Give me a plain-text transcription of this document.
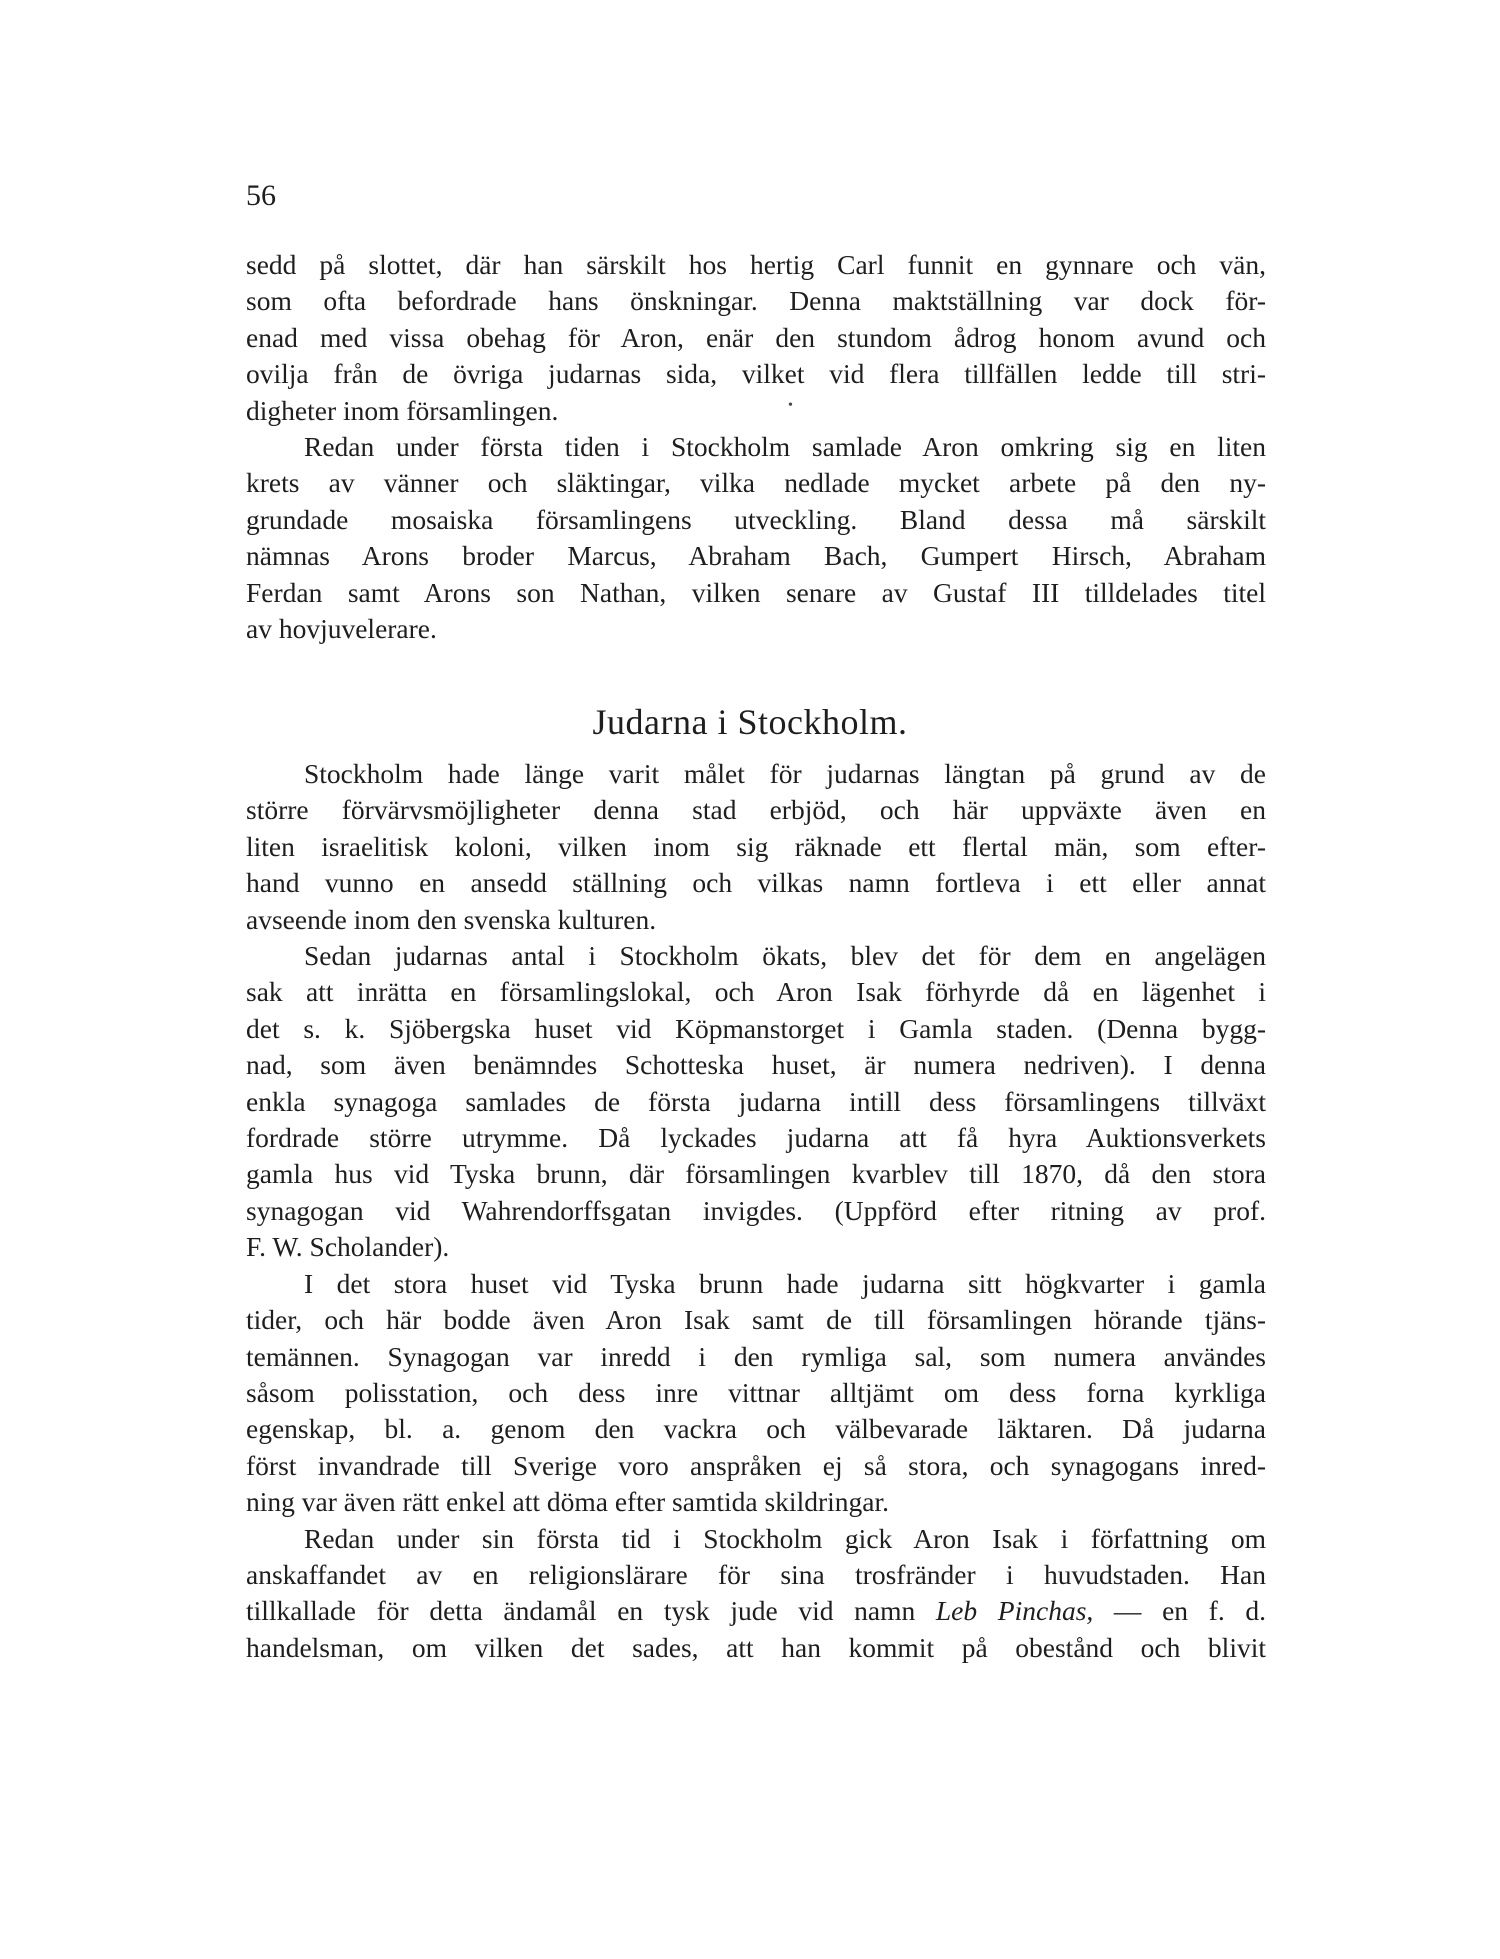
56
sedd på slottet, där han särskilt hos hertig Carl funnit en gynnare och vän,
som ofta befordrade hans önskningar. Denna maktställning var dock för-
enad med vissa obehag för Aron, enär den stundom ådrog honom avund och
ovilja från de övriga judarnas sida, vilket vid flera tillfällen ledde till stri-
digheter inom församlingen.
Redan under första tiden i Stockholm samlade Aron omkring sig en liten
krets av vänner och släktingar, vilka nedlade mycket arbete på den ny-
grundade mosaiska församlingens utveckling. Bland dessa må särskilt
nämnas Arons broder Marcus, Abraham Bach, Gumpert Hirsch, Abraham
Ferdan samt Arons son Nathan, vilken senare av Gustaf III tilldelades titel
av hovjuvelerare.
Judarna i Stockholm.
Stockholm hade länge varit målet för judarnas längtan på grund av de
större förvärvsmöjligheter denna stad erbjöd, och här uppväxte även en
liten israelitisk koloni, vilken inom sig räknade ett flertal män, som efter-
hand vunno en ansedd ställning och vilkas namn fortleva i ett eller annat
avseende inom den svenska kulturen.
Sedan judarnas antal i Stockholm ökats, blev det för dem en angelägen
sak att inrätta en församlingslokal, och Aron Isak förhyrde då en lägenhet i
det s. k. Sjöbergska huset vid Köpmanstorget i Gamla staden. (Denna bygg-
nad, som även benämndes Schotteska huset, är numera nedriven). I denna
enkla synagoga samlades de första judarna intill dess församlingens tillväxt
fordrade större utrymme. Då lyckades judarna att få hyra Auktionsverkets
gamla hus vid Tyska brunn, där församlingen kvarblev till 1870, då den stora
synagogan vid Wahrendorffsgatan invigdes. (Uppförd efter ritning av prof.
F. W. Scholander).
I det stora huset vid Tyska brunn hade judarna sitt högkvarter i gamla
tider, och här bodde även Aron Isak samt de till församlingen hörande tjäns-
temännen. Synagogan var inredd i den rymliga sal, som numera användes
såsom polisstation, och dess inre vittnar alltjämt om dess forna kyrkliga
egenskap, bl. a. genom den vackra och välbevarade läktaren. Då judarna
först invandrade till Sverige voro anspråken ej så stora, och synagogans inred-
ning var även rätt enkel att döma efter samtida skildringar.
Redan under sin första tid i Stockholm gick Aron Isak i författning om
anskaffandet av en religionslärare för sina trosfränder i huvudstaden. Han
tillkallade för detta ändamål en tysk jude vid namn Leb Pinchas, — en f. d.
handelsman, om vilken det sades, att han kommit på obestånd och blivit
•
